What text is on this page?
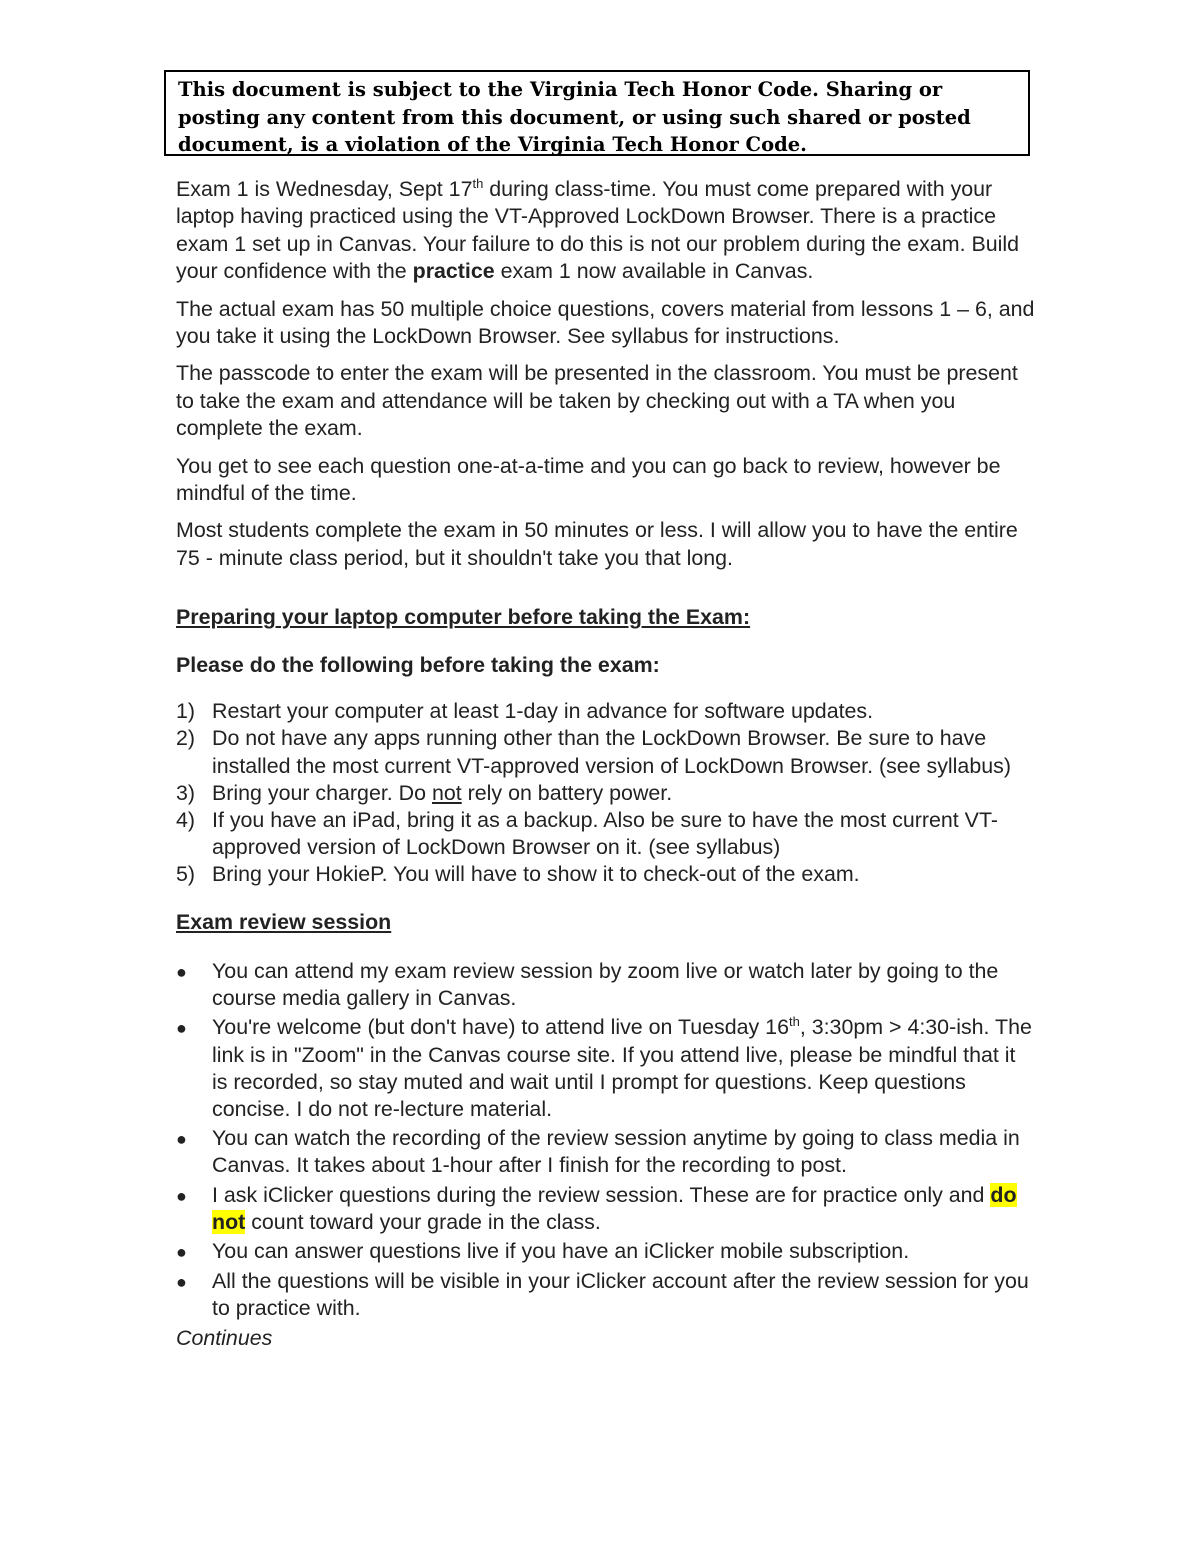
This document is subject to the Virginia Tech Honor Code. Sharing or posting any content from this document, or using such shared or posted document, is a violation of the Virginia Tech Honor Code.

Exam 1 is Wednesday, Sept 17th during class-time. You must come prepared with your laptop having practiced using the VT-Approved LockDown Browser. There is a practice exam 1 set up in Canvas. Your failure to do this is not our problem during the exam. Build your confidence with the practice exam 1 now available in Canvas.

The actual exam has 50 multiple choice questions, covers material from lessons 1 – 6, and you take it using the LockDown Browser. See syllabus for instructions.

The passcode to enter the exam will be presented in the classroom. You must be present to take the exam and attendance will be taken by checking out with a TA when you complete the exam.

You get to see each question one-at-a-time and you can go back to review, however be mindful of the time.

Most students complete the exam in 50 minutes or less. I will allow you to have the entire 75 - minute class period, but it shouldn't take you that long.

Preparing your laptop computer before taking the Exam:

Please do the following before taking the exam:

1) Restart your computer at least 1-day in advance for software updates.
2) Do not have any apps running other than the LockDown Browser. Be sure to have installed the most current VT-approved version of LockDown Browser. (see syllabus)
3) Bring your charger. Do not rely on battery power.
4) If you have an iPad, bring it as a backup. Also be sure to have the most current VT-approved version of LockDown Browser on it. (see syllabus)
5) Bring your HokieP. You will have to show it to check-out of the exam.

Exam review session

●	You can attend my exam review session by zoom live or watch later by going to the course media gallery in Canvas.
●	You're welcome (but don't have) to attend live on Tuesday 16th, 3:30pm > 4:30-ish. The link is in "Zoom" in the Canvas course site. If you attend live, please be mindful that it is recorded, so stay muted and wait until I prompt for questions. Keep questions concise. I do not re-lecture material.
●	You can watch the recording of the review session anytime by going to class media in Canvas. It takes about 1-hour after I finish for the recording to post.
●	I ask iClicker questions during the review session. These are for practice only and do not count toward your grade in the class.
●	You can answer questions live if you have an iClicker mobile subscription.
●	All the questions will be visible in your iClicker account after the review session for you to practice with.
Continues
